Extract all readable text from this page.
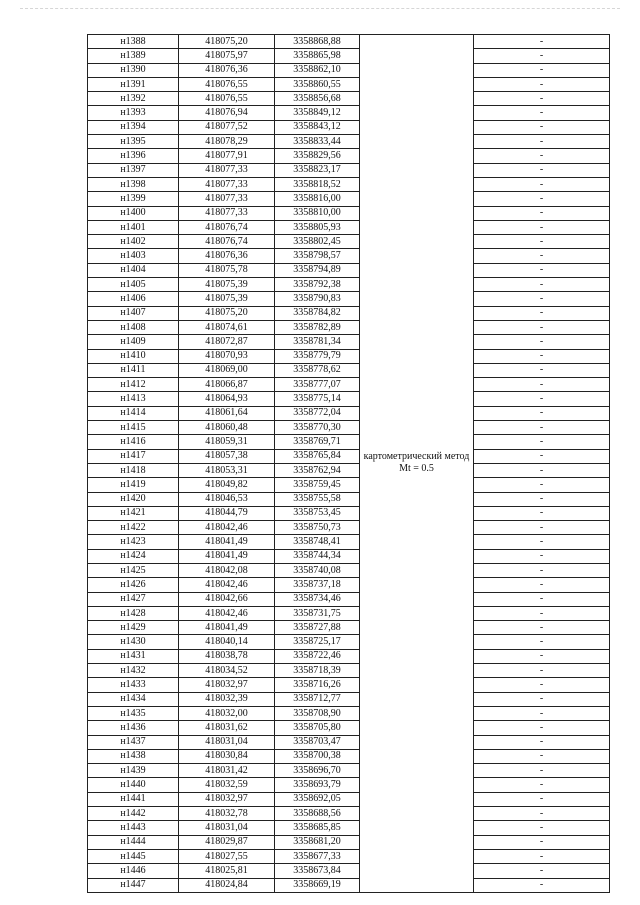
н1388	418075,20	3358868,88	картометрический метод Mt = 0.5	-
н1389	418075,97	3358865,98		-
н1390	418076,36	3358862,10		-
н1391	418076,55	3358860,55		-
н1392	418076,55	3358856,68		-
н1393	418076,94	3358849,12		-
н1394	418077,52	3358843,12		-
н1395	418078,29	3358833,44		-
н1396	418077,91	3358829,56		-
н1397	418077,33	3358823,17		-
н1398	418077,33	3358818,52		-
н1399	418077,33	3358816,00		-
н1400	418077,33	3358810,00		-
н1401	418076,74	3358805,93		-
н1402	418076,74	3358802,45		-
н1403	418076,36	3358798,57		-
н1404	418075,78	3358794,89		-
н1405	418075,39	3358792,38		-
н1406	418075,39	3358790,83		-
н1407	418075,20	3358784,82		-
н1408	418074,61	3358782,89		-
н1409	418072,87	3358781,34		-
н1410	418070,93	3358779,79		-
н1411	418069,00	3358778,62		-
н1412	418066,87	3358777,07		-
н1413	418064,93	3358775,14		-
н1414	418061,64	3358772,04		-
н1415	418060,48	3358770,30		-
н1416	418059,31	3358769,71		-
н1417	418057,38	3358765,84		-
н1418	418053,31	3358762,94		-
н1419	418049,82	3358759,45		-
н1420	418046,53	3358755,58		-
н1421	418044,79	3358753,45		-
н1422	418042,46	3358750,73		-
н1423	418041,49	3358748,41		-
н1424	418041,49	3358744,34		-
н1425	418042,08	3358740,08		-
н1426	418042,46	3358737,18		-
н1427	418042,66	3358734,46		-
н1428	418042,46	3358731,75		-
н1429	418041,49	3358727,88		-
н1430	418040,14	3358725,17		-
н1431	418038,78	3358722,46		-
н1432	418034,52	3358718,39		-
н1433	418032,97	3358716,26		-
н1434	418032,39	3358712,77		-
н1435	418032,00	3358708,90		-
н1436	418031,62	3358705,80		-
н1437	418031,04	3358703,47		-
н1438	418030,84	3358700,38		-
н1439	418031,42	3358696,70		-
н1440	418032,59	3358693,79		-
н1441	418032,97	3358692,05		-
н1442	418032,78	3358688,56		-
н1443	418031,04	3358685,85		-
н1444	418029,87	3358681,20		-
н1445	418027,55	3358677,33		-
н1446	418025,81	3358673,84		-
н1447	418024,84	3358669,19		-
